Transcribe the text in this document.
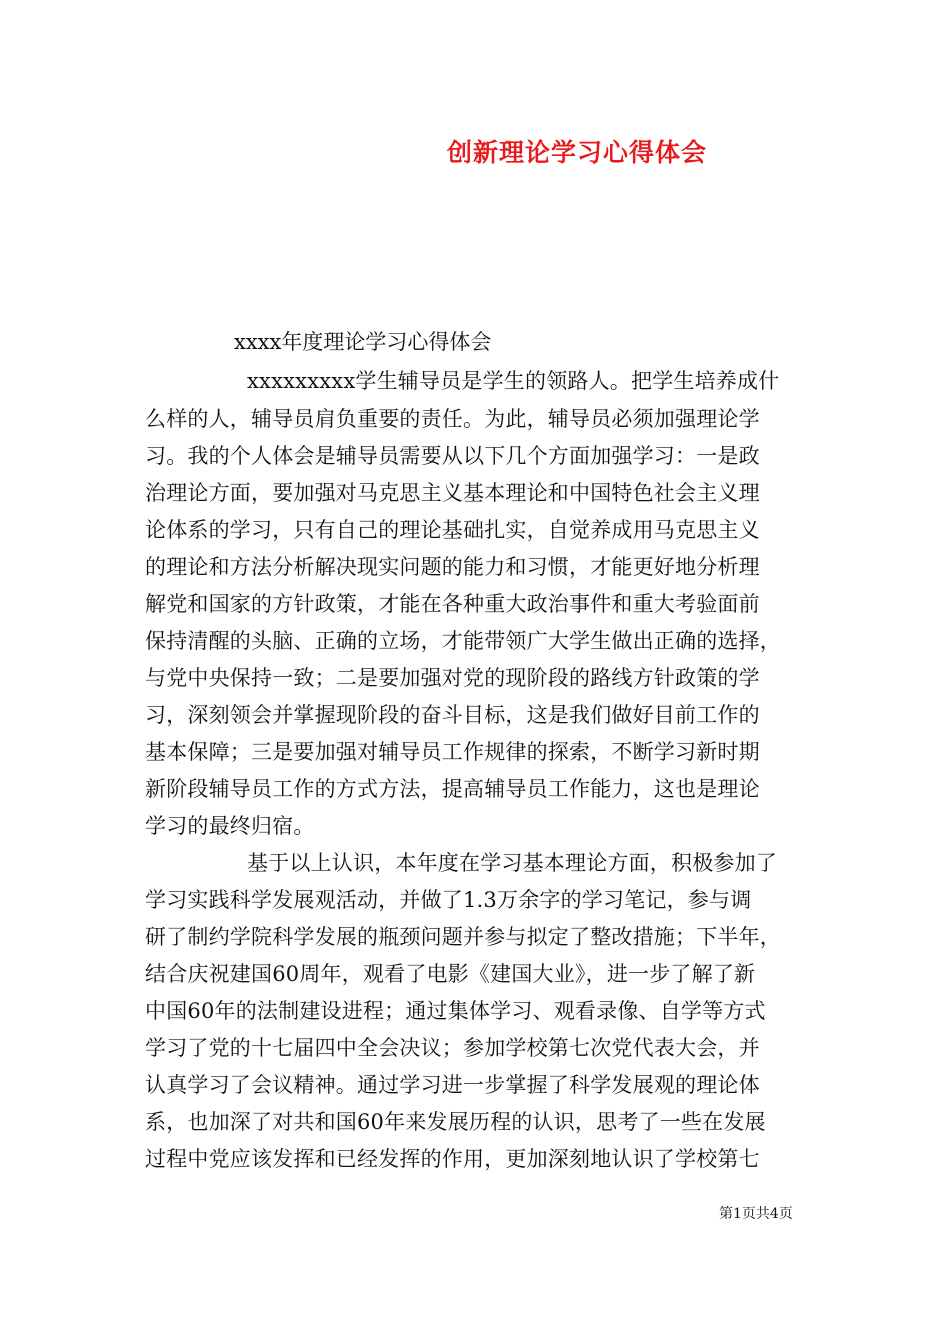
创新理论学习心得体会
xxxx年度理论学习心得体会
xxxxxxxxx学生辅导员是学生的领路人。把学生培养成什
么样的人，辅导员肩负重要的责任。为此，辅导员必须加强理论学
习。我的个人体会是辅导员需要从以下几个方面加强学习：一是政
治理论方面，要加强对马克思主义基本理论和中国特色社会主义理
论体系的学习，只有自己的理论基础扎实，自觉养成用马克思主义
的理论和方法分析解决现实问题的能力和习惯，才能更好地分析理
解党和国家的方针政策，才能在各种重大政治事件和重大考验面前
保持清醒的头脑、正确的立场，才能带领广大学生做出正确的选择，
与党中央保持一致；二是要加强对党的现阶段的路线方针政策的学
习，深刻领会并掌握现阶段的奋斗目标，这是我们做好目前工作的
基本保障；三是要加强对辅导员工作规律的探索，不断学习新时期
新阶段辅导员工作的方式方法，提高辅导员工作能力，这也是理论
学习的最终归宿。
基于以上认识，本年度在学习基本理论方面，积极参加了
学习实践科学发展观活动，并做了1.3万余字的学习笔记，参与调
研了制约学院科学发展的瓶颈问题并参与拟定了整改措施；下半年，
结合庆祝建国60周年，观看了电影《建国大业》，进一步了解了新
中国60年的法制建设进程；通过集体学习、观看录像、自学等方式
学习了党的十七届四中全会决议；参加学校第七次党代表大会，并
认真学习了会议精神。通过学习进一步掌握了科学发展观的理论体
系，也加深了对共和国60年来发展历程的认识，思考了一些在发展
过程中党应该发挥和已经发挥的作用，更加深刻地认识了学校第七
第1页共4页
